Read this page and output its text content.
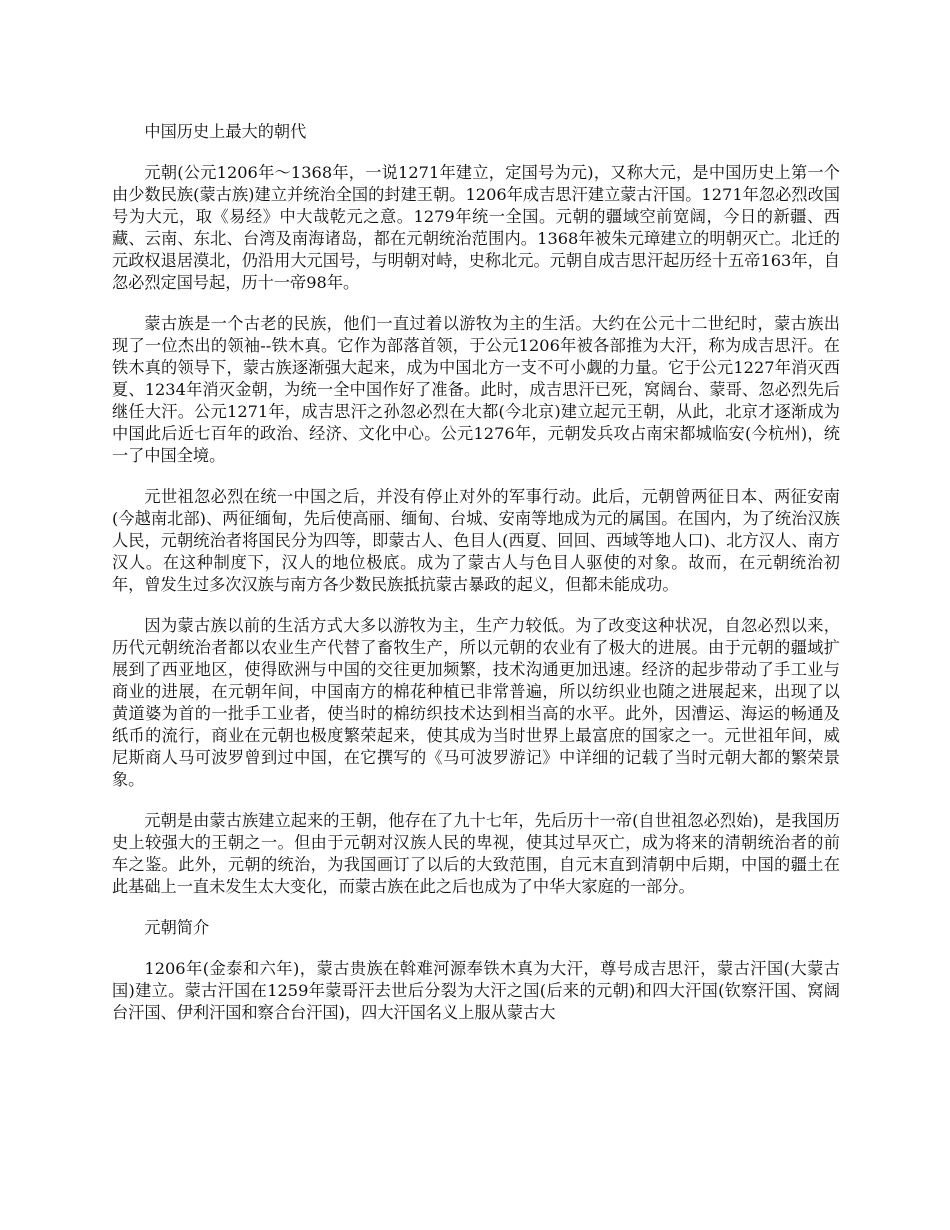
中国历史上最大的朝代

元朝(公元1206年～1368年，一说1271年建立，定国号为元)，又称大元，是中国历史上第一个由少数民族(蒙古族)建立并统治全国的封建王朝。1206年成吉思汗建立蒙古汗国。1271年忽必烈改国号为大元，取《易经》中大哉乾元之意。1279年统一全国。元朝的疆域空前宽阔，今日的新疆、西藏、云南、东北、台湾及南海诸岛，都在元朝统治范围内。1368年被朱元璋建立的明朝灭亡。北迁的元政权退居漠北，仍沿用大元国号，与明朝对峙，史称北元。元朝自成吉思汗起历经十五帝163年，自忽必烈定国号起，历十一帝98年。

蒙古族是一个古老的民族，他们一直过着以游牧为主的生活。大约在公元十二世纪时，蒙古族出现了一位杰出的领袖--铁木真。它作为部落首领，于公元1206年被各部推为大汗，称为成吉思汗。在铁木真的领导下，蒙古族逐渐强大起来，成为中国北方一支不可小觑的力量。它于公元1227年消灭西夏、1234年消灭金朝，为统一全中国作好了准备。此时，成吉思汗已死，窝阔台、蒙哥、忽必烈先后继任大汗。公元1271年，成吉思汗之孙忽必烈在大都(今北京)建立起元王朝，从此，北京才逐渐成为中国此后近七百年的政治、经济、文化中心。公元1276年，元朝发兵攻占南宋都城临安(今杭州)，统一了中国全境。

元世祖忽必烈在统一中国之后，并没有停止对外的军事行动。此后，元朝曾两征日本、两征安南(今越南北部)、两征缅甸，先后使高丽、缅甸、台城、安南等地成为元的属国。在国内，为了统治汉族人民，元朝统治者将国民分为四等，即蒙古人、色目人(西夏、回回、西域等地人口)、北方汉人、南方汉人。在这种制度下，汉人的地位极底。成为了蒙古人与色目人驱使的对象。故而，在元朝统治初年，曾发生过多次汉族与南方各少数民族抵抗蒙古暴政的起义，但都未能成功。

因为蒙古族以前的生活方式大多以游牧为主，生产力较低。为了改变这种状况，自忽必烈以来，历代元朝统治者都以农业生产代替了畜牧生产，所以元朝的农业有了极大的进展。由于元朝的疆域扩展到了西亚地区，使得欧洲与中国的交往更加频繁，技术沟通更加迅速。经济的起步带动了手工业与商业的进展，在元朝年间，中国南方的棉花种植已非常普遍，所以纺织业也随之进展起来，出现了以黄道婆为首的一批手工业者，使当时的棉纺织技术达到相当高的水平。此外，因漕运、海运的畅通及纸币的流行，商业在元朝也极度繁荣起来，使其成为当时世界上最富庶的国家之一。元世祖年间，威尼斯商人马可波罗曾到过中国，在它撰写的《马可波罗游记》中详细的记载了当时元朝大都的繁荣景象。

元朝是由蒙古族建立起来的王朝，他存在了九十七年，先后历十一帝(自世祖忽必烈始)，是我国历史上较强大的王朝之一。但由于元朝对汉族人民的卑视，使其过早灭亡，成为将来的清朝统治者的前车之鉴。此外，元朝的统治，为我国画订了以后的大致范围，自元末直到清朝中后期，中国的疆土在此基础上一直未发生太大变化，而蒙古族在此之后也成为了中华大家庭的一部分。

元朝简介

1206年(金泰和六年)，蒙古贵族在斡难河源奉铁木真为大汗，尊号成吉思汗，蒙古汗国(大蒙古国)建立。蒙古汗国在1259年蒙哥汗去世后分裂为大汗之国(后来的元朝)和四大汗国(钦察汗国、窝阔台汗国、伊利汗国和察合台汗国)，四大汗国名义上服从蒙古大
